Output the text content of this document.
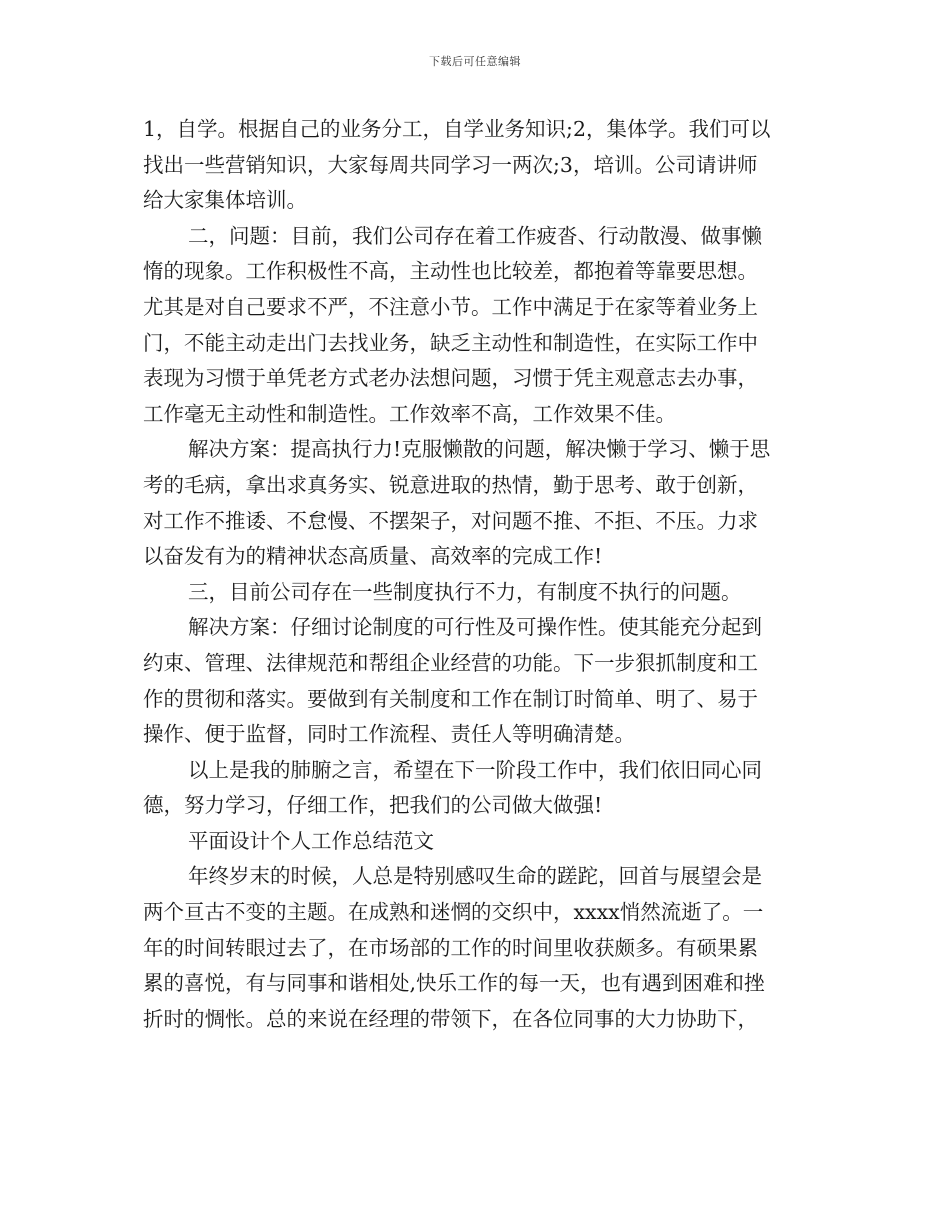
下载后可任意编辑
1，自学。根据自己的业务分工，自学业务知识;2，集体学。我们可以
找出一些营销知识，大家每周共同学习一两次;3，培训。公司请讲师
给大家集体培训。
二，问题：目前，我们公司存在着工作疲沓、行动散漫、做事懒
惰的现象。工作积极性不高，主动性也比较差，都抱着等靠要思想。
尤其是对自己要求不严，不注意小节。工作中满足于在家等着业务上
门，不能主动走出门去找业务，缺乏主动性和制造性，在实际工作中
表现为习惯于单凭老方式老办法想问题，习惯于凭主观意志去办事，
工作毫无主动性和制造性。工作效率不高，工作效果不佳。
解决方案：提高执行力!克服懒散的问题，解决懒于学习、懒于思
考的毛病，拿出求真务实、锐意进取的热情，勤于思考、敢于创新，
对工作不推诿、不怠慢、不摆架子，对问题不推、不拒、不压。力求
以奋发有为的精神状态高质量、高效率的完成工作!
三，目前公司存在一些制度执行不力，有制度不执行的问题。
解决方案：仔细讨论制度的可行性及可操作性。使其能充分起到
约束、管理、法律规范和帮组企业经营的功能。下一步狠抓制度和工
作的贯彻和落实。要做到有关制度和工作在制订时简单、明了、易于
操作、便于监督，同时工作流程、责任人等明确清楚。
以上是我的肺腑之言，希望在下一阶段工作中，我们依旧同心同
德，努力学习，仔细工作，把我们的公司做大做强!
平面设计个人工作总结范文
年终岁末的时候，人总是特别感叹生命的蹉跎，回首与展望会是
两个亘古不变的主题。在成熟和迷惘的交织中，xxxx悄然流逝了。一
年的时间转眼过去了，在市场部的工作的时间里收获颇多。有硕果累
累的喜悦，有与同事和谐相处,快乐工作的每一天，也有遇到困难和挫
折时的惆怅。总的来说在经理的带领下，在各位同事的大力协助下，
